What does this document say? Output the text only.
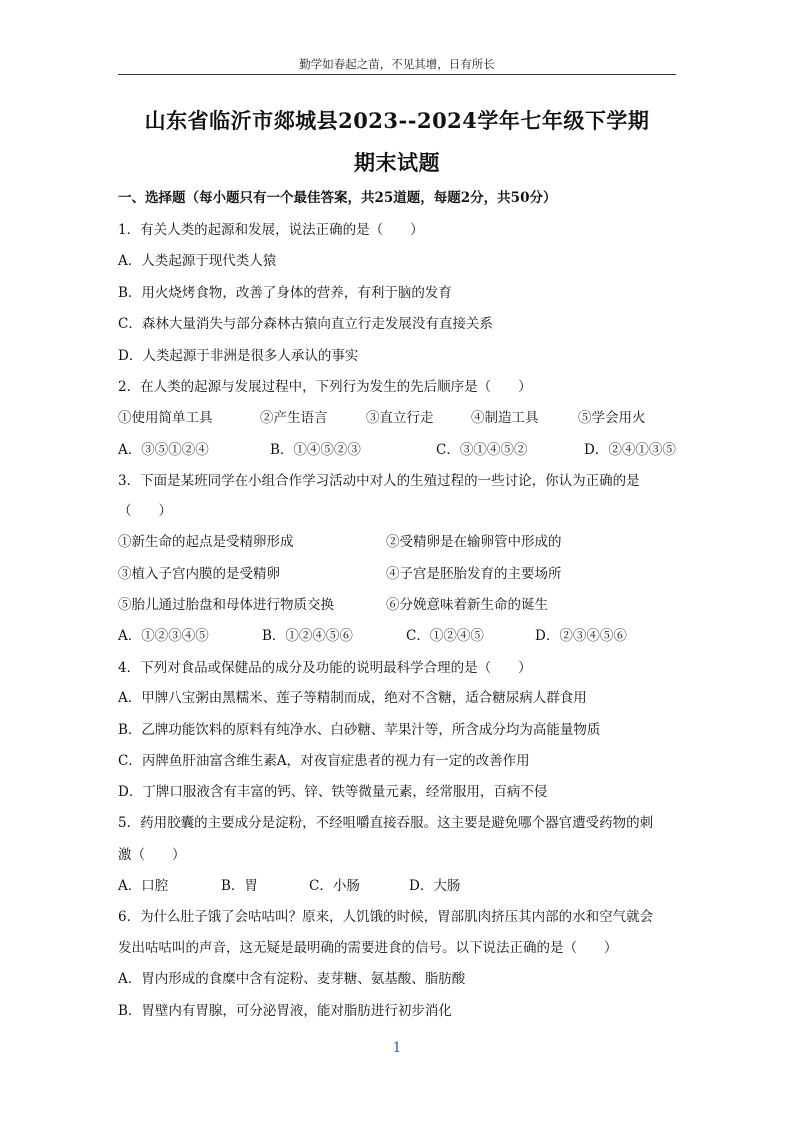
勤学如春起之苗，不见其增，日有所长
山东省临沂市郯城县2023--2024学年七年级下学期
期末试题
一、选择题（每小题只有一个最佳答案，共25道题，每题2分，共50分）
1．有关人类的起源和发展，说法正确的是（　　）
A．人类起源于现代类人猿
B．用火烧烤食物，改善了身体的营养，有利于脑的发育
C．森林大量消失与部分森林古猿向直立行走发展没有直接关系
D．人类起源于非洲是很多人承认的事实
2．在人类的起源与发展过程中，下列行为发生的先后顺序是（　　）
①使用简单工具	②产生语言	③直立行走	④制造工具	⑤学会用火
A．③⑤①②④	B．①④⑤②③	C．③①④⑤②	D．②④①③⑤
3．下面是某班同学在小组合作学习活动中对人的生殖过程的一些讨论，你认为正确的是
（　　）
①新生命的起点是受精卵形成	②受精卵是在输卵管中形成的
③植入子宫内膜的是受精卵	④子宫是胚胎发育的主要场所
⑤胎儿通过胎盘和母体进行物质交换	⑥分娩意味着新生命的诞生
A．①②③④⑤	B．①②④⑤⑥	C．①②④⑤	D．②③④⑤⑥
4．下列对食品或保健品的成分及功能的说明最科学合理的是（　　）
A．甲牌八宝粥由黑糯米、莲子等精制而成，绝对不含糖，适合糖尿病人群食用
B．乙牌功能饮料的原料有纯净水、白砂糖、苹果汁等，所含成分均为高能量物质
C．丙牌鱼肝油富含维生素A，对夜盲症患者的视力有一定的改善作用
D．丁牌口服液含有丰富的钙、锌、铁等微量元素，经常服用，百病不侵
5．药用胶囊的主要成分是淀粉，不经咀嚼直接吞服。这主要是避免哪个器官遭受药物的刺
激（　　）
A．口腔	B．胃	C．小肠	D．大肠
6．为什么肚子饿了会咕咕叫？原来，人饥饿的时候，胃部肌肉挤压其内部的水和空气就会
发出咕咕叫的声音，这无疑是最明确的需要进食的信号。以下说法正确的是（　　）
A．胃内形成的食糜中含有淀粉、麦芽糖、氨基酸、脂肪酸
B．胃壁内有胃腺，可分泌胃液，能对脂肪进行初步消化
1
